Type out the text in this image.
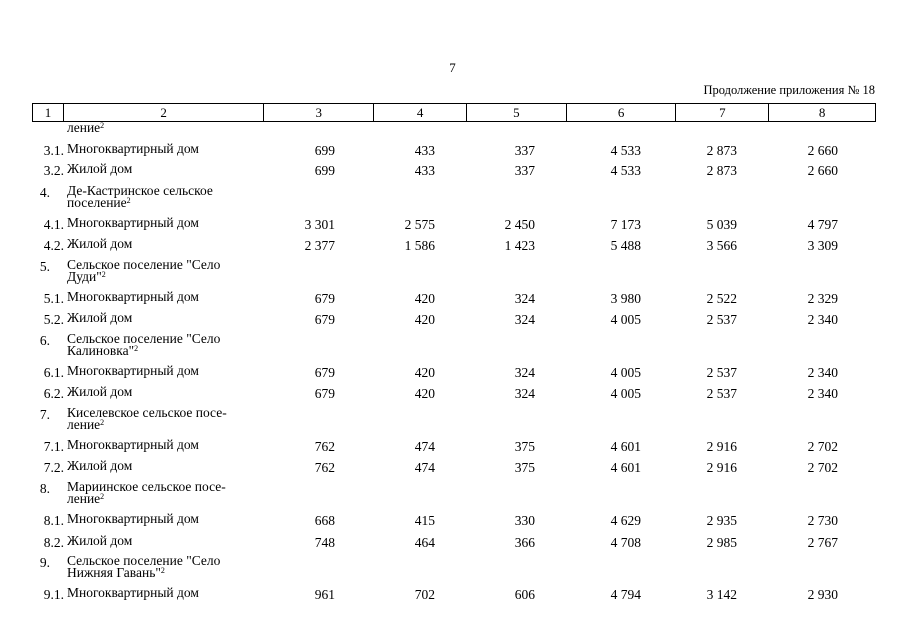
7
Продолжение приложения № 18
1	2	3	4	5	6	7	8
ление$^2$
3.1. Многоквартирный дом	699	433	337	4 533	2 873	2 660
3.2. Жилой дом	699	433	337	4 533	2 873	2 660
4. Де-Кастринское сельское
поселение$^2$
4.1. Многоквартирный дом	3 301	2 575	2 450	7 173	5 039	4 797
4.2. Жилой дом	2 377	1 586	1 423	5 488	3 566	3 309
5. Сельское поселение "Село
Дуди"$^2$
5.1. Многоквартирный дом	679	420	324	3 980	2 522	2 329
5.2. Жилой дом	679	420	324	4 005	2 537	2 340
6. Сельское поселение "Село
Калиновка"$^2$
6.1. Многоквартирный дом	679	420	324	4 005	2 537	2 340
6.2. Жилой дом	679	420	324	4 005	2 537	2 340
7. Киселевское сельское посе-
ление$^2$
7.1. Многоквартирный дом	762	474	375	4 601	2 916	2 702
7.2. Жилой дом	762	474	375	4 601	2 916	2 702
8. Мариинское сельское посе-
ление$^2$
8.1. Многоквартирный дом	668	415	330	4 629	2 935	2 730
8.2. Жилой дом	748	464	366	4 708	2 985	2 767
9. Сельское поселение "Село
Нижняя Гавань"$^2$
9.1. Многоквартирный дом	961	702	606	4 794	3 142	2 930
